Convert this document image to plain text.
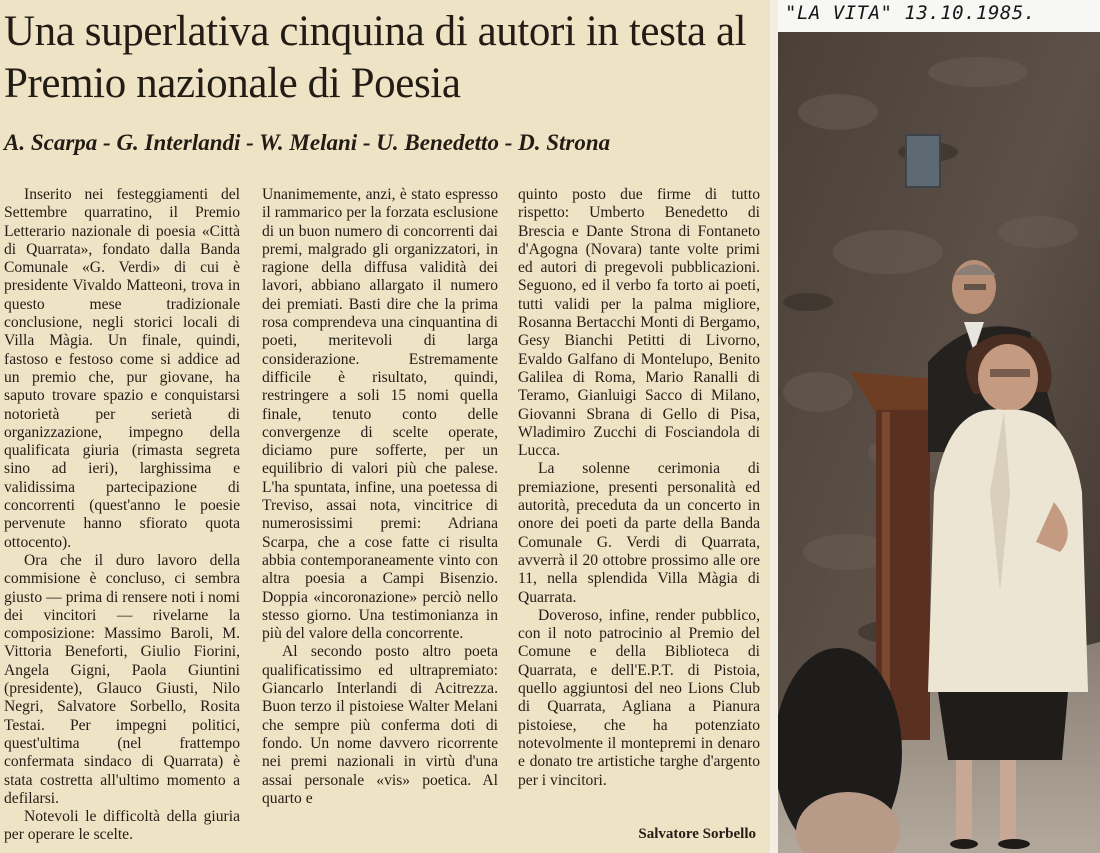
Una superlativa cinquina di autori in testa al Premio nazionale di Poesia
A. Scarpa - G. Interlandi - W. Melani - U. Benedetto - D. Strona

Inserito nei festeggiamenti del Settembre quarratino, il Premio Letterario nazionale di poesia «Città di Quarrata», fondato dalla Banda Comunale «G. Verdi» di cui è presidente Vivaldo Matteoni, trova in questo mese tradizionale conclusione, negli storici locali di Villa Màgia. Un finale, quindi, fastoso e festoso come si addice ad un premio che, pur giovane, ha saputo trovare spazio e conquistarsi notorietà per serietà di organizzazione, impegno della qualificata giuria (rimasta segreta sino ad ieri), larghissima e validissima partecipazione di concorrenti (quest'anno le poesie pervenute hanno sfiorato quota ottocento).

Ora che il duro lavoro della commisione è concluso, ci sembra giusto — prima di rensere noti i nomi dei vincitori — rivelarne la composizione: Massimo Baroli, M. Vittoria Beneforti, Giulio Fiorini, Angela Gigni, Paola Giuntini (presidente), Glauco Giusti, Nilo Negri, Salvatore Sorbello, Rosita Testai. Per impegni politici, quest'ultima (nel frattempo confermata sindaco di Quarrata) è stata costretta all'ultimo momento a defilarsi.

Notevoli le difficoltà della giuria per operare le scelte.

Unanimemente, anzi, è stato espresso il rammarico per la forzata esclusione di un buon numero di concorrenti dai premi, malgrado gli organizzatori, in ragione della diffusa validità dei lavori, abbiano allargato il numero dei premiati. Basti dire che la prima rosa comprendeva una cinquantina di poeti, meritevoli di larga considerazione. Estremamente difficile è risultato, quindi, restringere a soli 15 nomi quella finale, tenuto conto delle convergenze di scelte operate, diciamo pure sofferte, per un equilibrio di valori più che palese. L'ha spuntata, infine, una poetessa di Treviso, assai nota, vincitrice di numerosissimi premi: Adriana Scarpa, che a cose fatte ci risulta abbia contemporaneamente vinto con altra poesia a Campi Bisenzio. Doppia «incoronazione» perciò nello stesso giorno. Una testimonianza in più del valore della concorrente.

Al secondo posto altro poeta qualificatissimo ed ultrapremiato: Giancarlo Interlandi di Acitrezza. Buon terzo il pistoiese Walter Melani che sempre più conferma doti di fondo. Un nome davvero ricorrente nei premi nazionali in virtù d'una assai personale «vis» poetica. Al quarto e

quinto posto due firme di tutto rispetto: Umberto Benedetto di Brescia e Dante Strona di Fontaneto d'Agogna (Novara) tante volte primi ed autori di pregevoli pubblicazioni. Seguono, ed il verbo fa torto ai poeti, tutti validi per la palma migliore, Rosanna Bertacchi Monti di Bergamo, Gesy Bianchi Petitti di Livorno, Evaldo Galfano di Montelupo, Benito Galilea di Roma, Mario Ranalli di Teramo, Gianluigi Sacco di Milano, Giovanni Sbrana di Gello di Pisa, Wladimiro Zucchi di Fosciandola di Lucca.

La solenne cerimonia di premiazione, presenti personalità ed autorità, preceduta da un concerto in onore dei poeti da parte della Banda Comunale G. Verdi di Quarrata, avverrà il 20 ottobre prossimo alle ore 11, nella splendida Villa Màgia di Quarrata.

Doveroso, infine, render pubblico, con il noto patrocinio al Premio del Comune e della Biblioteca di Quarrata, e dell'E.P.T. di Pistoia, quello aggiuntosi del neo Lions Club di Quarrata, Agliana a Pianura pistoiese, che ha potenziato notevolmente il montepremi in denaro e donato tre artistiche targhe d'argento per i vincitori.

Salvatore Sorbello
"LA VITA" 13.10.1985.
